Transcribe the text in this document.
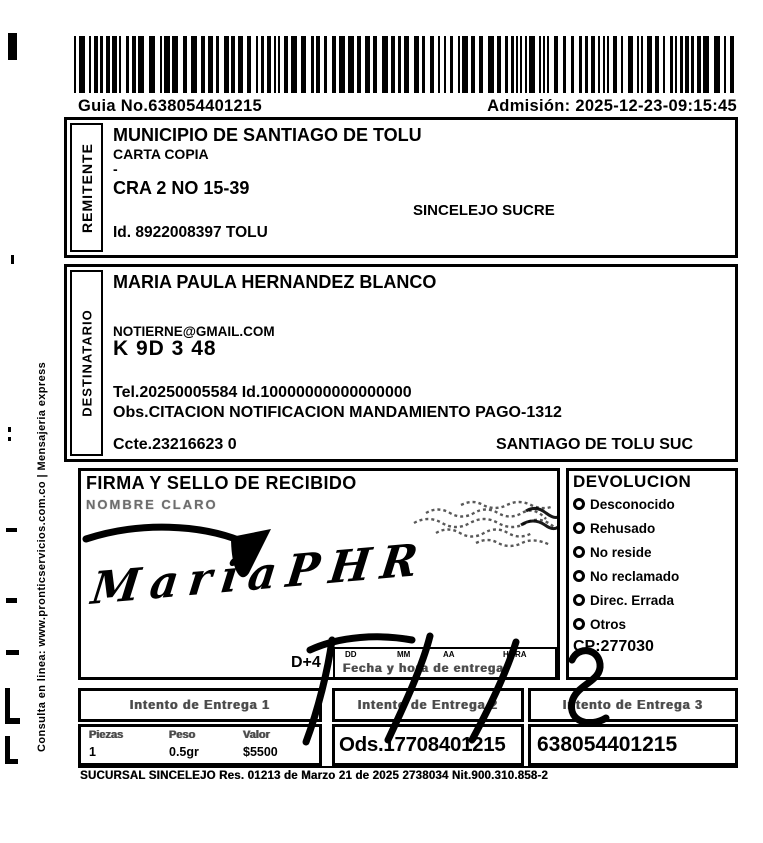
Guia No.638054401215	Admisión: 2025-12-23-09:15:45
REMITENTE
MUNICIPIO DE SANTIAGO DE TOLU
CARTA COPIA
-
CRA 2 NO 15-39
SINCELEJO SUCRE
Id. 8922008397 TOLU
DESTINATARIO
MARIA PAULA HERNANDEZ BLANCO
NOTIERNE@GMAIL.COM
K 9D 3 48
Tel.20250005584 Id.10000000000000000
Obs.CITACION NOTIFICACION MANDAMIENTO PAGO-1312
Ccte.23216623 0	SANTIAGO DE TOLU SUC
FIRMA Y SELLO DE RECIBIDO
NOMBRE CLARO
MariaPHR
D+4	DD	MM	AA	HORA
Fecha y hora de entrega
DEVOLUCION
Desconocido
Rehusado
No reside
No reclamado
Direc. Errada
Otros
CP:277030
Intento de Entrega 1	Intento de Entrega 2	Intento de Entrega 3
Piezas	Peso	Valor
1	0.5gr	$5500	Ods.17708401215 638054401215
SUCURSAL SINCELEJO Res. 01213 de Marzo 21 de 2025 2738034 Nit.900.310.858-2
Consulta en linea: www.pronticservicios.com.co | Mensajeria express
